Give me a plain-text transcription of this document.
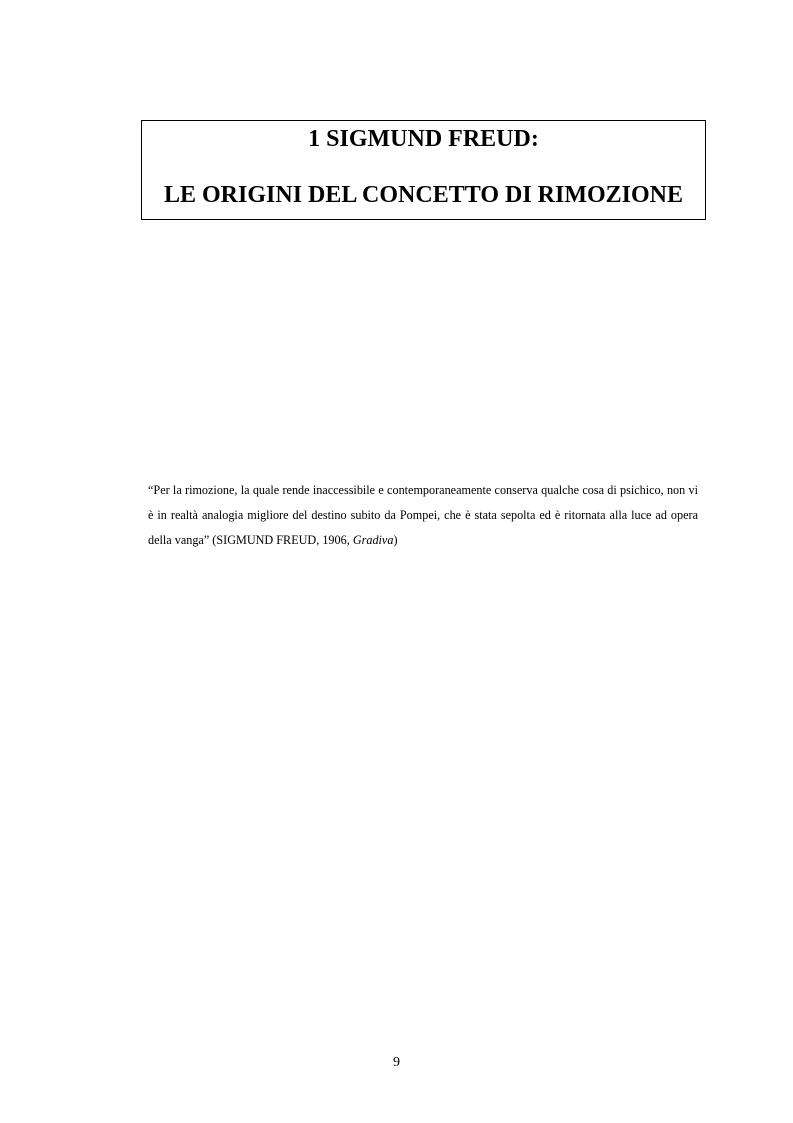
1 SIGMUND FREUD:
LE ORIGINI DEL CONCETTO DI RIMOZIONE

“Per la rimozione, la quale rende inaccessibile e contemporaneamente conserva qualche cosa di psichico, non vi è in realtà analogia migliore del destino subito da Pompei, che è stata sepolta ed è ritornata alla luce ad opera della vanga” (SIGMUND FREUD, 1906, Gradiva)

9
